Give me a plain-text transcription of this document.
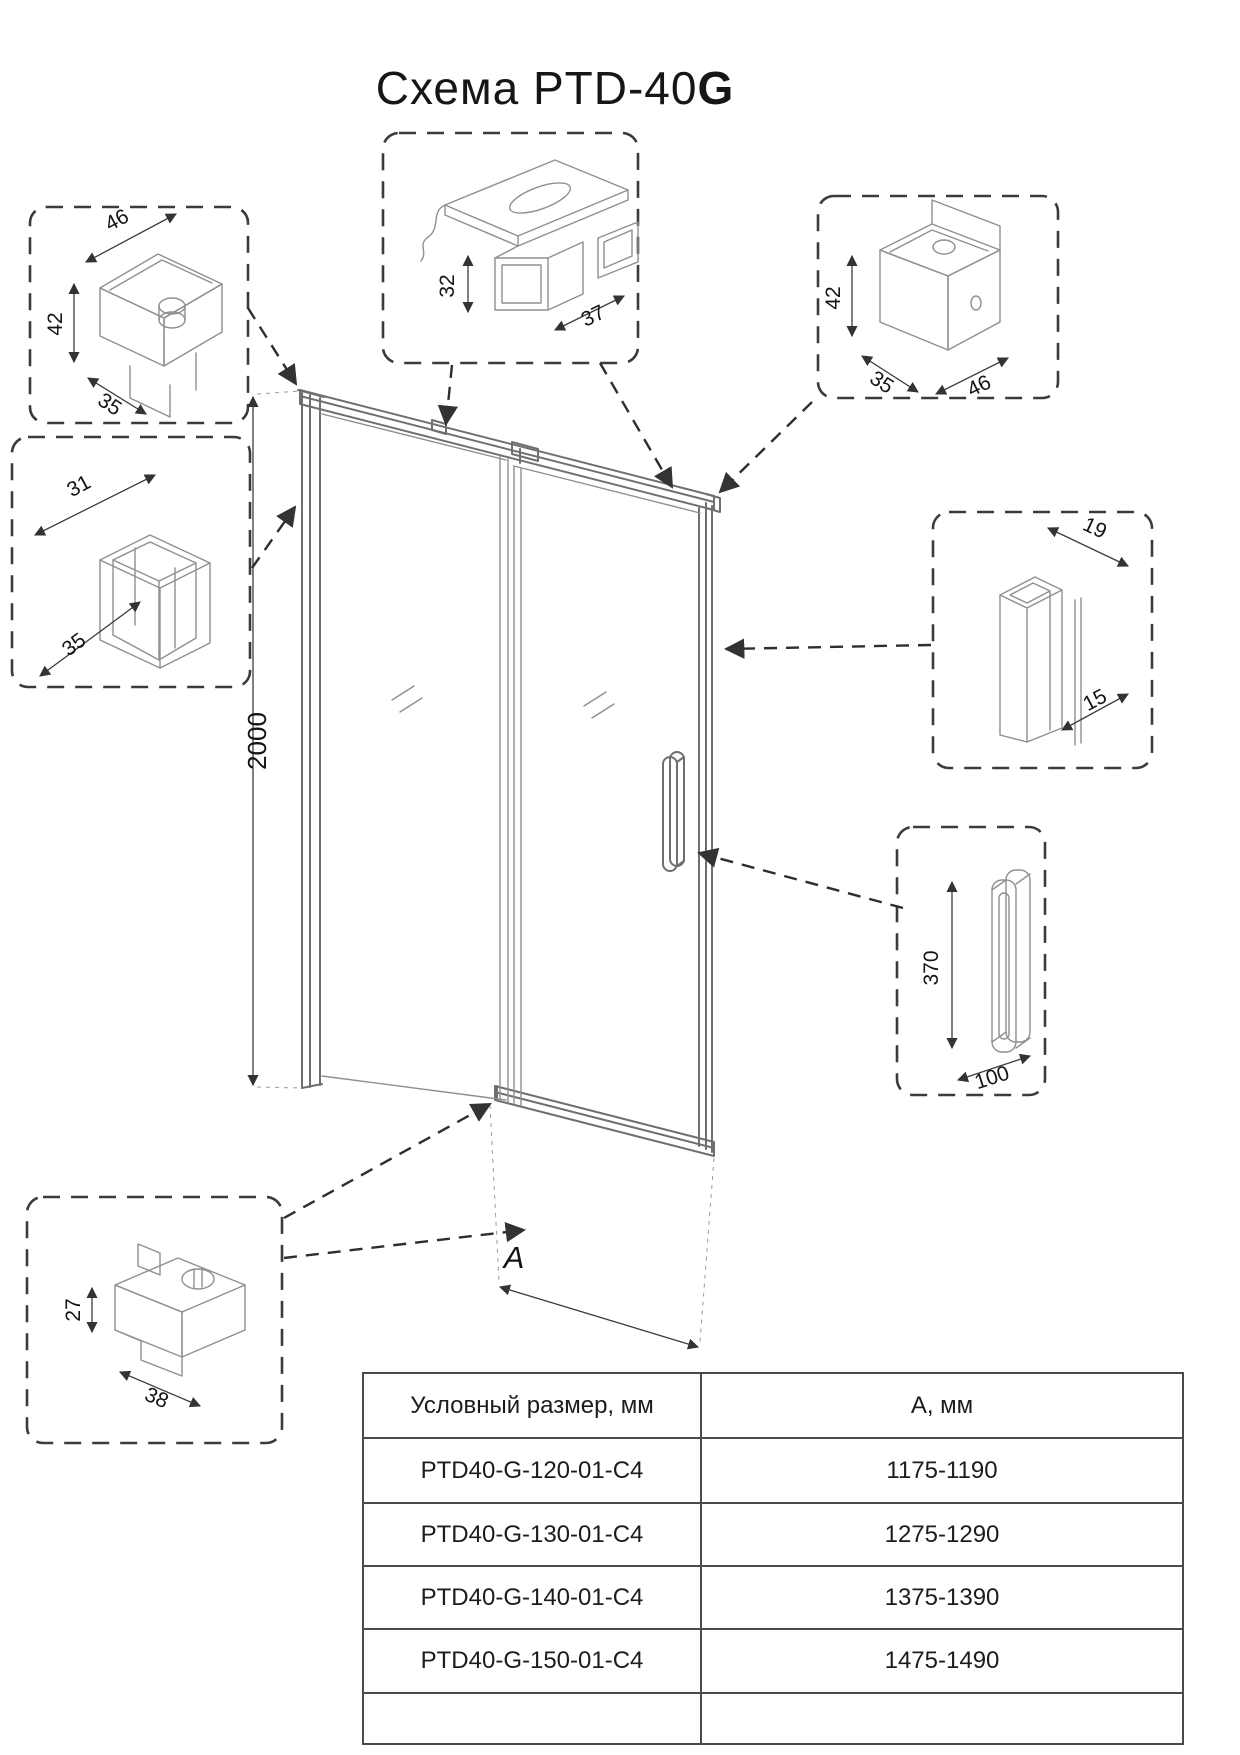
Схема PTD-40G
46
42
35
32
37
42
35	46
31
35
19
15
370
100
27
38
2000
A
Условный размер, мм	А, мм
PTD40-G-120-01-C4	1175-1190
PTD40-G-130-01-C4	1275-1290
PTD40-G-140-01-C4	1375-1390
PTD40-G-150-01-C4	1475-1490
